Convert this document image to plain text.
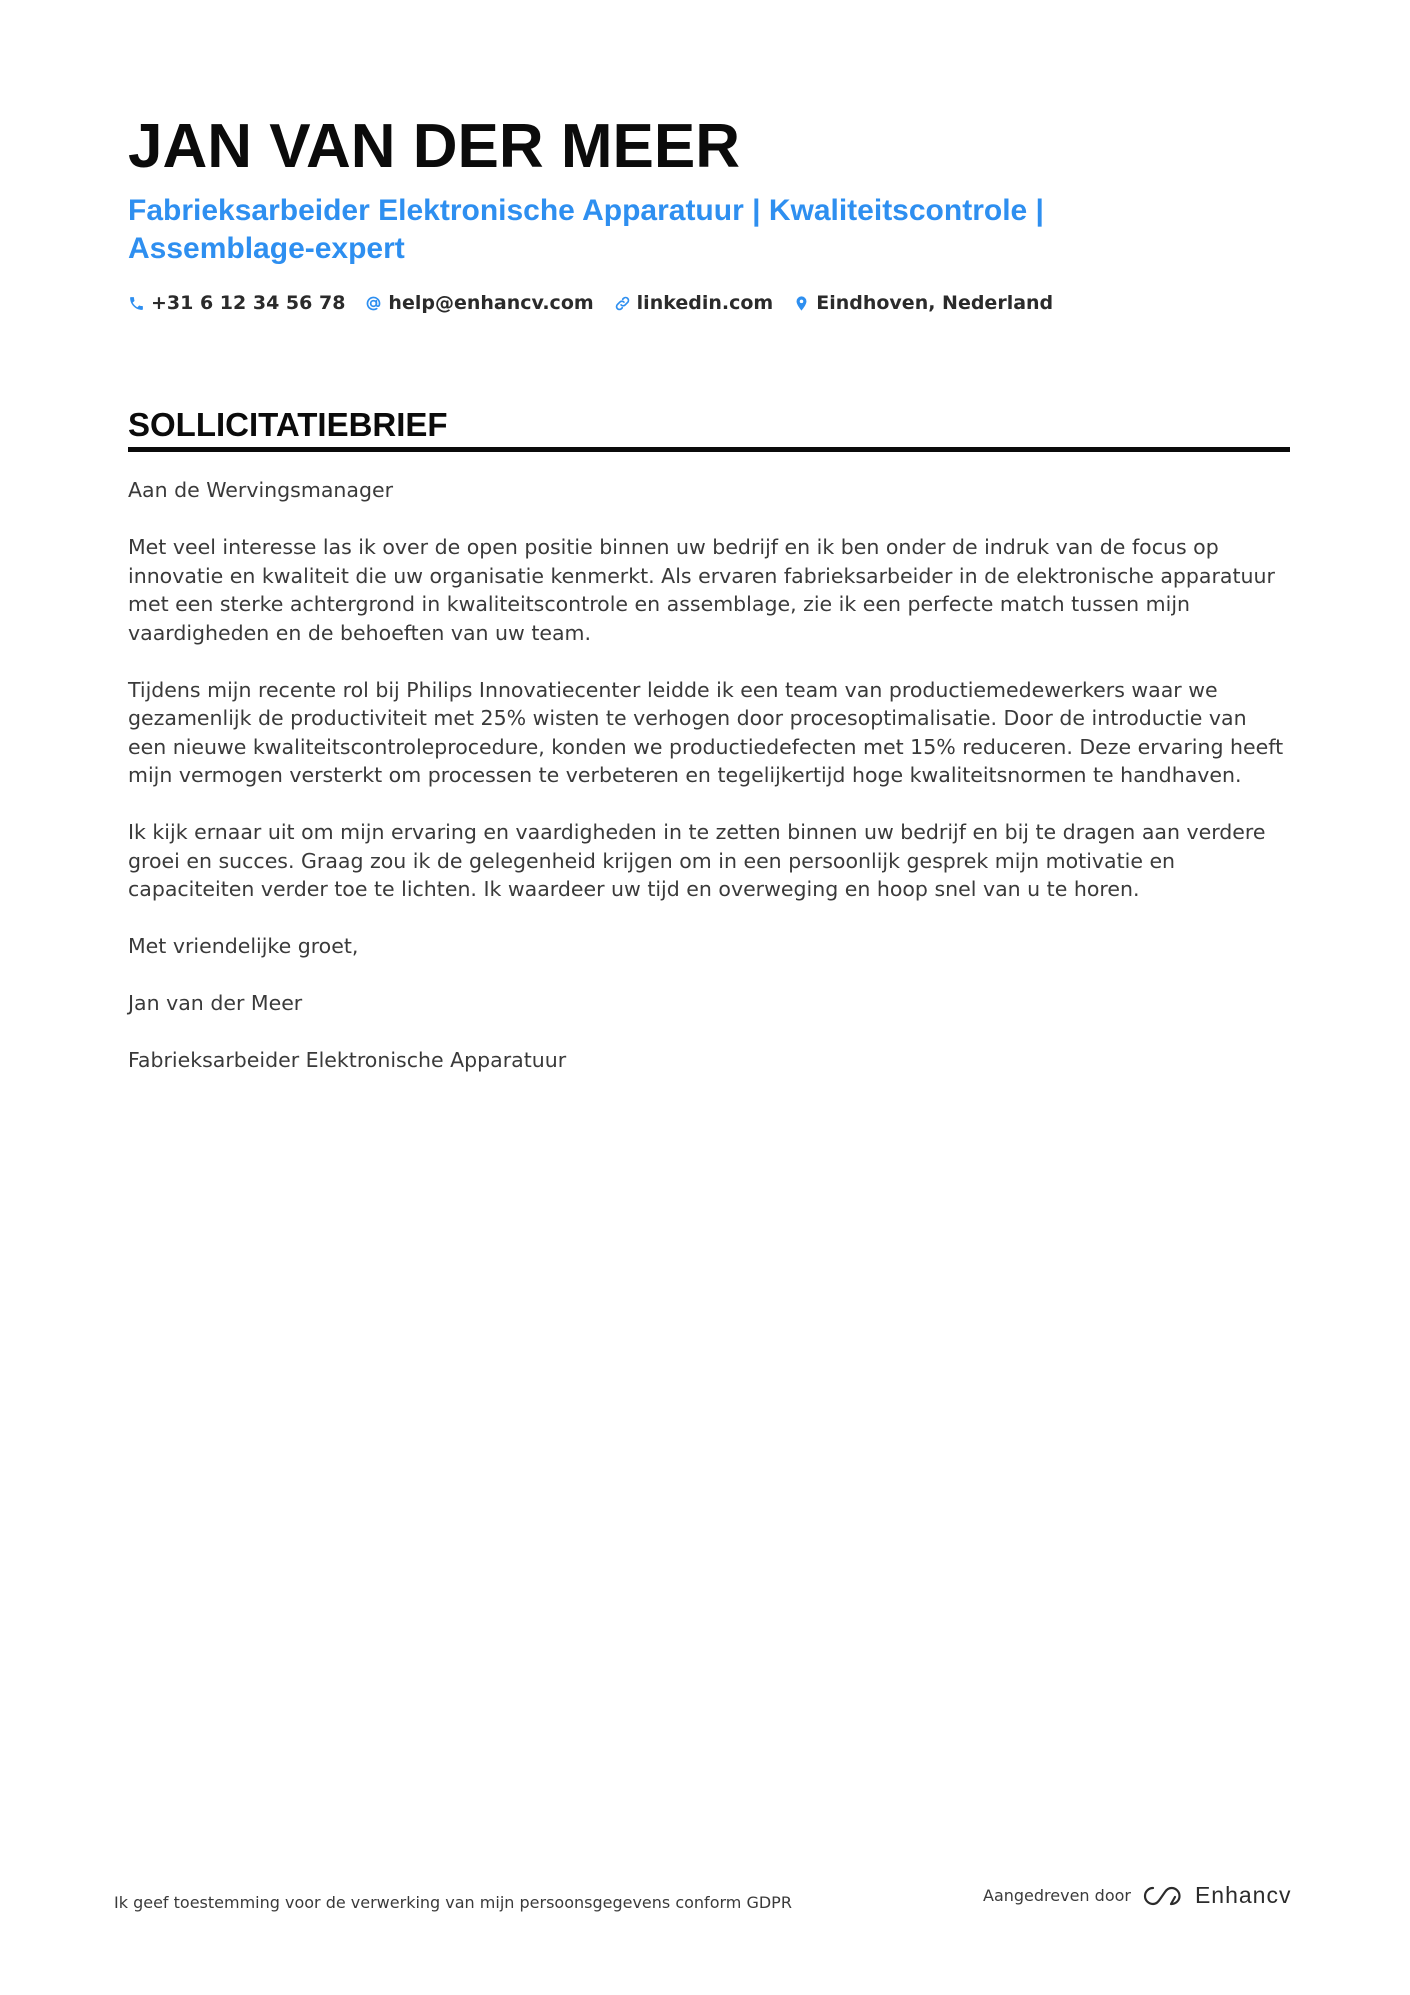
JAN VAN DER MEER
Fabrieksarbeider Elektronische Apparatuur | Kwaliteitscontrole | Assemblage-expert
+31 6 12 34 56 78 help@enhancv.com linkedin.com Eindhoven, Nederland
SOLLICITATIEBRIEF

Aan de Wervingsmanager

Met veel interesse las ik over de open positie binnen uw bedrijf en ik ben onder de indruk van de focus op innovatie en kwaliteit die uw organisatie kenmerkt. Als ervaren fabrieksarbeider in de elektronische apparatuur met een sterke achtergrond in kwaliteitscontrole en assemblage, zie ik een perfecte match tussen mijn vaardigheden en de behoeften van uw team.

Tijdens mijn recente rol bij Philips Innovatiecenter leidde ik een team van productiemedewerkers waar we gezamenlijk de productiviteit met 25% wisten te verhogen door procesoptimalisatie. Door de introductie van een nieuwe kwaliteitscontroleprocedure, konden we productiedefecten met 15% reduceren. Deze ervaring heeft mijn vermogen versterkt om processen te verbeteren en tegelijkertijd hoge kwaliteitsnormen te handhaven.

Ik kijk ernaar uit om mijn ervaring en vaardigheden in te zetten binnen uw bedrijf en bij te dragen aan verdere groei en succes. Graag zou ik de gelegenheid krijgen om in een persoonlijk gesprek mijn motivatie en capaciteiten verder toe te lichten. Ik waardeer uw tijd en overweging en hoop snel van u te horen.

Met vriendelijke groet,

Jan van der Meer

Fabrieksarbeider Elektronische Apparatuur

Ik geef toestemming voor de verwerking van mijn persoonsgegevens conform GDPR	Aangedreven door	Enhancv
